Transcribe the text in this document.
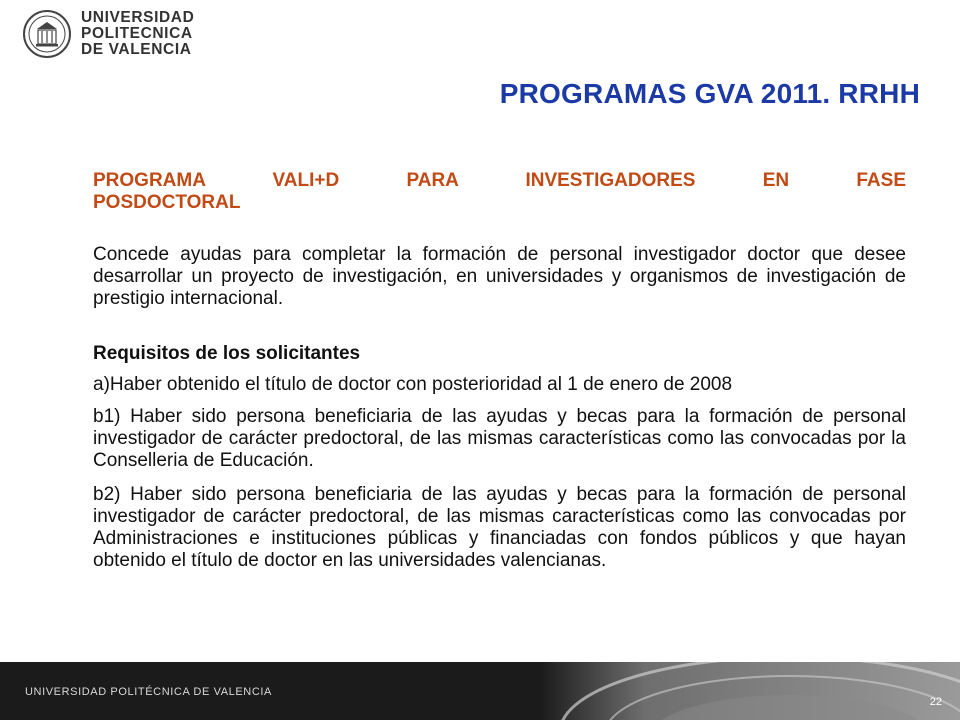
UNIVERSIDAD
POLITECNICA
DE VALENCIA
PROGRAMAS GVA 2011. RRHH
PROGRAMA VALI+D PARA INVESTIGADORES EN FASE
POSDOCTORAL

Concede ayudas para completar la formación de personal investigador doctor que desee desarrollar un proyecto de investigación, en universidades y organismos de investigación de prestigio internacional.

Requisitos de los solicitantes

a)Haber obtenido el título de doctor con posterioridad al 1 de enero de 2008

b1) Haber sido persona beneficiaria de las ayudas y becas para la formación de personal investigador de carácter predoctoral, de las mismas características como las convocadas por la Conselleria de Educación.

b2) Haber sido persona beneficiaria de las ayudas y becas para la formación de personal investigador de carácter predoctoral, de las mismas características como las convocadas por Administraciones e instituciones públicas y financiadas con fondos públicos y que hayan obtenido el título de doctor en las universidades valencianas.

UNIVERSIDAD POLITÉCNICA DE VALENCIA
22
